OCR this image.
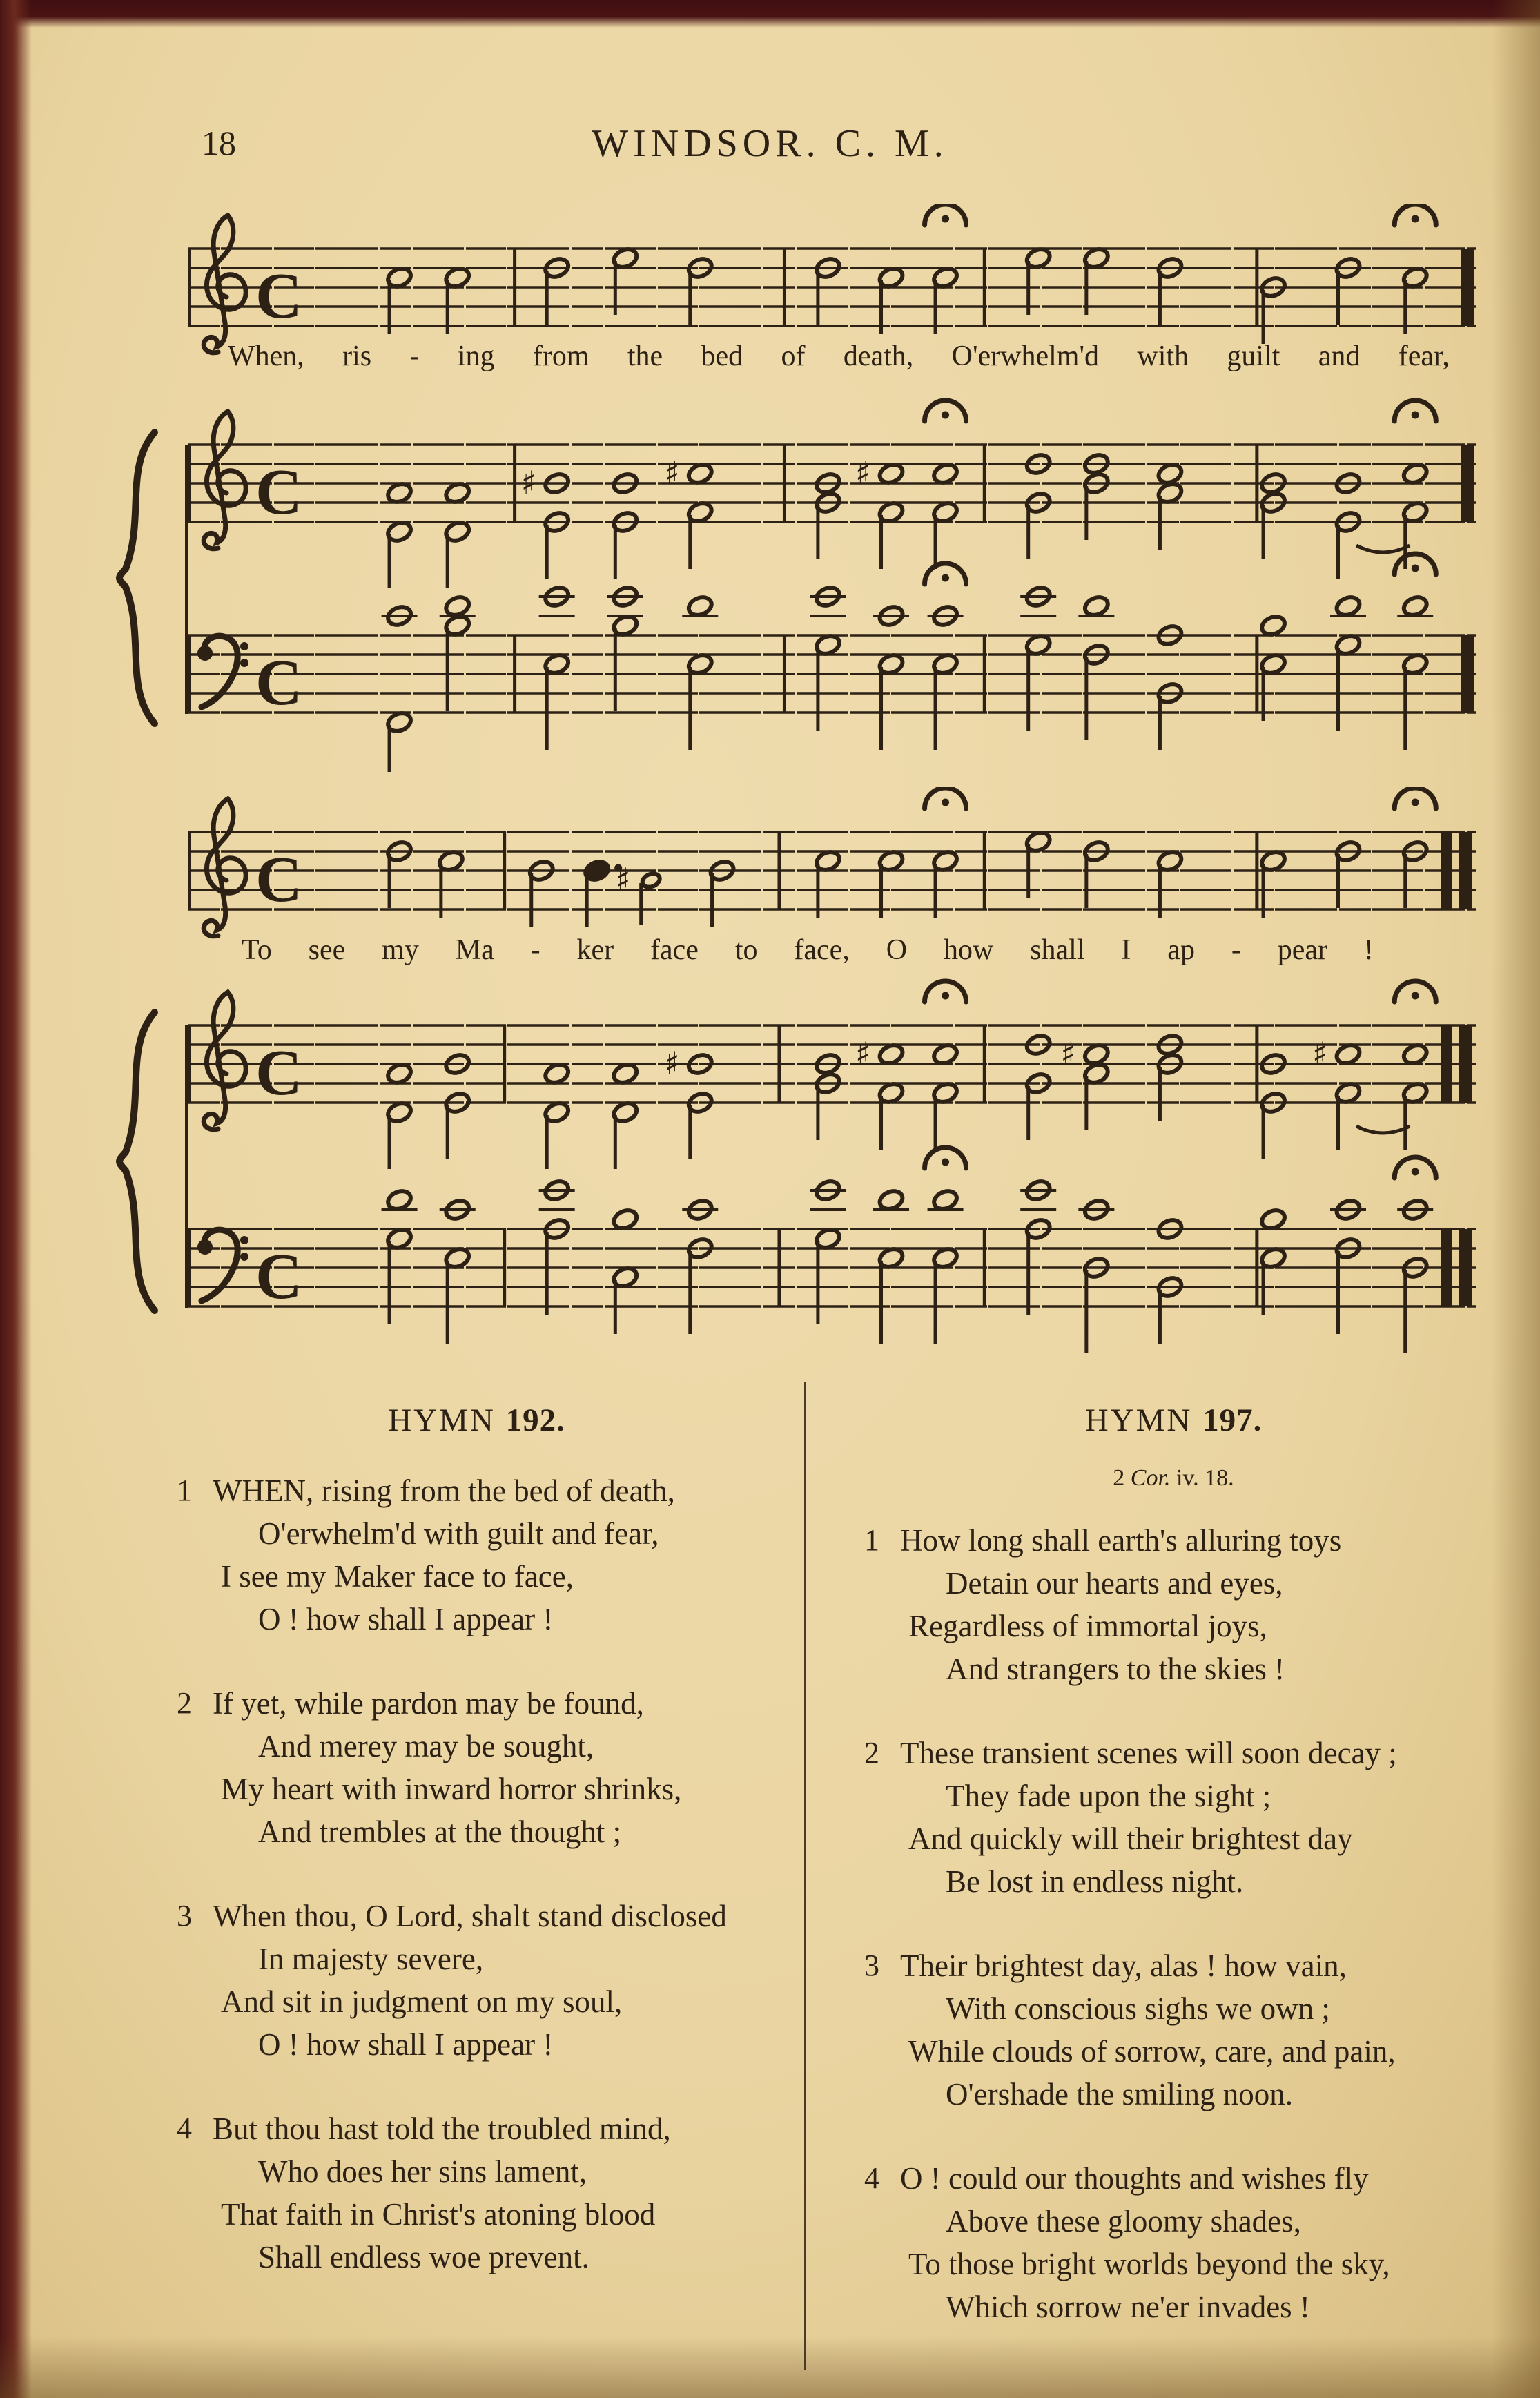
18	WINDSOR. C. M.
C
C	♯	♯	♯
C
When, ris - ing from the bed of death, O'erwhelm'd with guilt and fear,
C	♯
C	♯	♯	♯	♯
C
To see my Ma - ker face to face, O how shall I ap - pear !
HYMN 192.
1 WHEN, rising from the bed of death,
O'erwhelm'd with guilt and fear,
I see my Maker face to face,
O ! how shall I appear !
2 If yet, while pardon may be found,
And merey may be sought,
My heart with inward horror shrinks,
And trembles at the thought ;
3 When thou, O Lord, shalt stand disclosed
In majesty severe,
And sit in judgment on my soul,
O ! how shall I appear !
4 But thou hast told the troubled mind,
Who does her sins lament,
That faith in Christ's atoning blood
Shall endless woe prevent.
HYMN 197.
2 Cor. iv. 18.
1 How long shall earth's alluring toys
Detain our hearts and eyes,
Regardless of immortal joys,
And strangers to the skies !
2 These transient scenes will soon decay ;
They fade upon the sight ;
And quickly will their brightest day
Be lost in endless night.
3 Their brightest day, alas ! how vain,
With conscious sighs we own ;
While clouds of sorrow, care, and pain,
O'ershade the smiling noon.
4 O ! could our thoughts and wishes fly
Above these gloomy shades,
To those bright worlds beyond the sky,
Which sorrow ne'er invades !
